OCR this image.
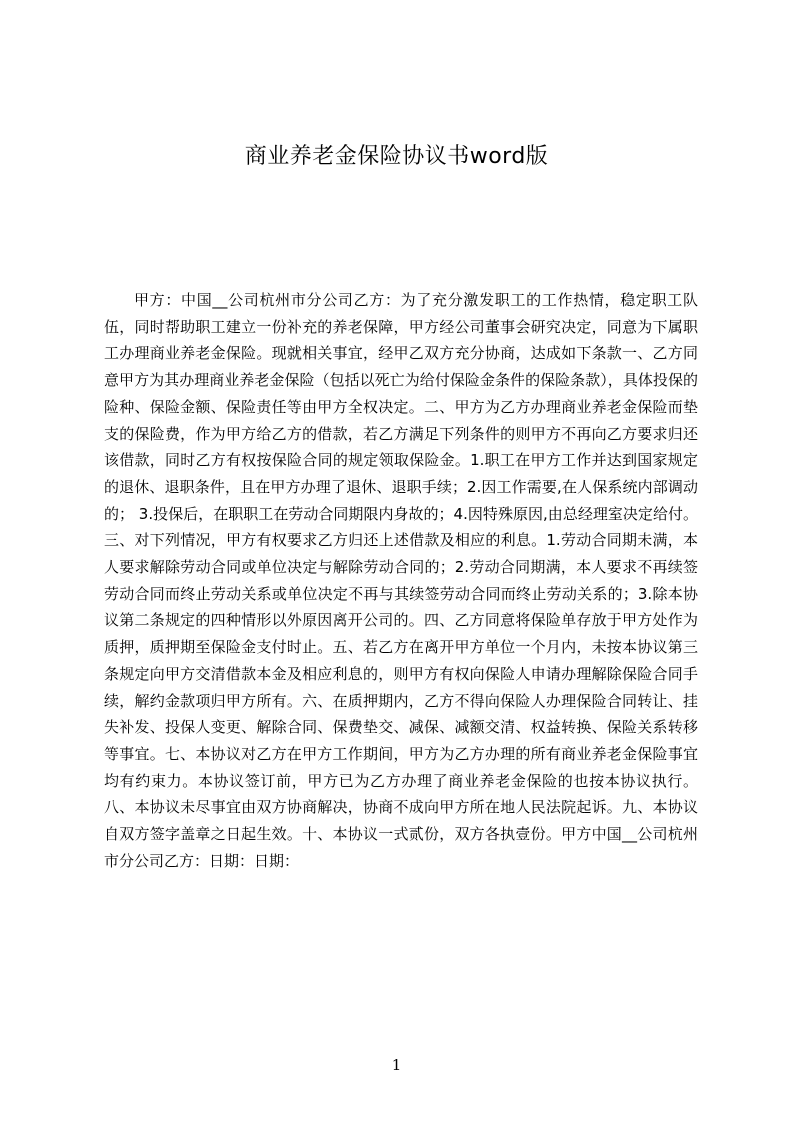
商业养老金保险协议书word版

甲方：中国__公司杭州市分公司乙方：为了充分激发职工的工作热情，稳定职工队伍，同时帮助职工建立一份补充的养老保障，甲方经公司董事会研究决定，同意为下属职工办理商业养老金保险。现就相关事宜，经甲乙双方充分协商，达成如下条款一、乙方同意甲方为其办理商业养老金保险（包括以死亡为给付保险金条件的保险条款），具体投保的险种、保险金额、保险责任等由甲方全权决定。二、甲方为乙方办理商业养老金保险而垫支的保险费，作为甲方给乙方的借款，若乙方满足下列条件的则甲方不再向乙方要求归还该借款，同时乙方有权按保险合同的规定领取保险金。1.职工在甲方工作并达到国家规定的退休、退职条件，且在甲方办理了退休、退职手续；2.因工作需要,在人保系统内部调动的； 3.投保后，在职职工在劳动合同期限内身故的；4.因特殊原因,由总经理室决定给付。 三、对下列情况，甲方有权要求乙方归还上述借款及相应的利息。1.劳动合同期未满，本人要求解除劳动合同或单位决定与解除劳动合同的；2.劳动合同期满，本人要求不再续签劳动合同而终止劳动关系或单位决定不再与其续签劳动合同而终止劳动关系的；3.除本协议第二条规定的四种情形以外原因离开公司的。四、乙方同意将保险单存放于甲方处作为质押，质押期至保险金支付时止。五、若乙方在离开甲方单位一个月内，未按本协议第三条规定向甲方交清借款本金及相应利息的，则甲方有权向保险人申请办理解除保险合同手续，解约金款项归甲方所有。六、在质押期内，乙方不得向保险人办理保险合同转让、挂失补发、投保人变更、解除合同、保费垫交、减保、减额交清、权益转换、保险关系转移等事宜。七、本协议对乙方在甲方工作期间，甲方为乙方办理的所有商业养老金保险事宜均有约束力。本协议签订前，甲方已为乙方办理了商业养老金保险的也按本协议执行。八、本协议未尽事宜由双方协商解决，协商不成向甲方所在地人民法院起诉。九、本协议自双方签字盖章之日起生效。十、本协议一式贰份，双方各执壹份。甲方中国__公司杭州市分公司乙方：日期：日期：

1
